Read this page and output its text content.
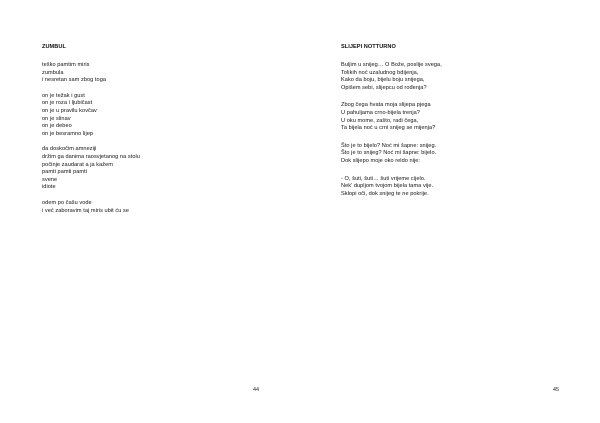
ZUMBUL
teško pamtim miris
zumbula
i nesretan sam zbog toga
on je težak i gust
on je roza i ljubičast
on je u pravilu kovčav
on je slinav
on je debeo
on je besramno lijep
da doskočim amneziji
držim ga danima raosvjetanog na stolu
počinje zaudarat a ja kažem
pamti pamti pamti
svene
idiote
odem po čašu vode
i već zaboravim taj miris ubit ću se
44
SLIJEPI NOTTURNO
Buljim u snijeg… O Bože, poslije svega,
Tolikih noć uzaludnog bdijenja,
Kako da boju, bijelu boju snijega,
Opišem sebi, slijepcu od rođenja?
Zbog čega hvata moja slijepa pjega
U pahuljama crno-bijela trenja?
U oku mome, zašto, radi čega,
Ta bijela noć u crni snijeg se mijenja?
Što je to bijelo? Noć mi šapne: snijeg.
Što je to snijeg? Noć mi šapne: bijelo.
Dok slijepo moje oko reldo nije:
- O, šuti, šuti… šuti vrijeme cijelo.
Nek' dupljom tvojom bijela tama vije.
Sklopi oči, dok snijeg te ne pokrije.
45
